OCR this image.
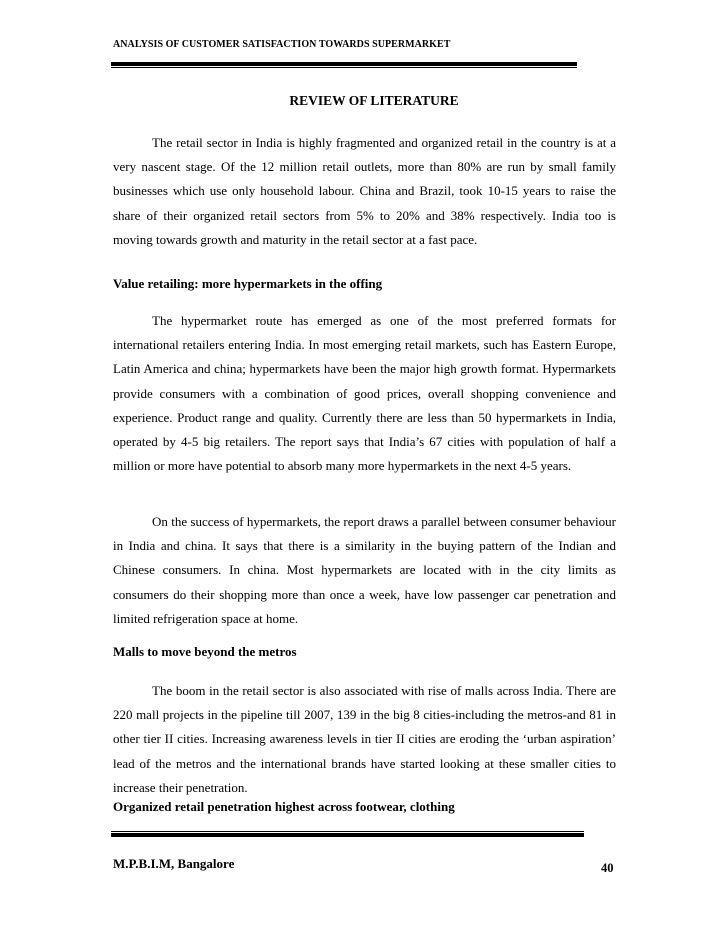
ANALYSIS OF CUSTOMER SATISFACTION TOWARDS SUPERMARKET
REVIEW OF LITERATURE

The retail sector in India is highly fragmented and organized retail in the country is at a very nascent stage. Of the 12 million retail outlets, more than 80% are run by small family businesses which use only household labour. China and Brazil, took 10-15 years to raise the share of their organized retail sectors from 5% to 20% and 38% respectively. India too is moving towards growth and maturity in the retail sector at a fast pace.

Value retailing: more hypermarkets in the offing

The hypermarket route has emerged as one of the most preferred formats for international retailers entering India. In most emerging retail markets, such has Eastern Europe, Latin America and china; hypermarkets have been the major high growth format. Hypermarkets provide consumers with a combination of good prices, overall shopping convenience and experience. Product range and quality. Currently there are less than 50 hypermarkets in India, operated by 4-5 big retailers. The report says that India’s 67 cities with population of half a million or more have potential to absorb many more hypermarkets in the next 4-5 years.

On the success of hypermarkets, the report draws a parallel between consumer behaviour in India and china. It says that there is a similarity in the buying pattern of the Indian and Chinese consumers. In china. Most hypermarkets are located with in the city limits as consumers do their shopping more than once a week, have low passenger car penetration and limited refrigeration space at home.

Malls to move beyond the metros

The boom in the retail sector is also associated with rise of malls across India. There are 220 mall projects in the pipeline till 2007, 139 in the big 8 cities-including the metros-and 81 in other tier II cities. Increasing awareness levels in tier II cities are eroding the ‘urban aspiration’ lead of the metros and the international brands have started looking at these smaller cities to increase their penetration.

Organized retail penetration highest across footwear, clothing
M.P.B.I.M, Bangalore	40
